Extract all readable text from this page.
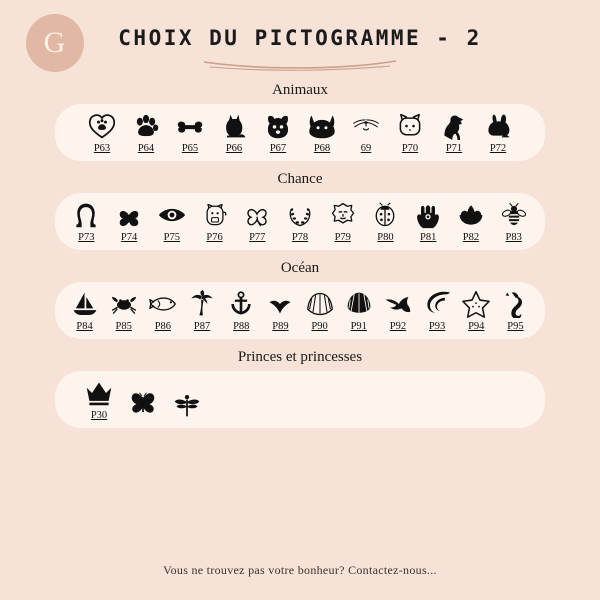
G	CHOIX DU PICTOGRAMME - 2
Animaux
P63	P64	P65	P66	P67	P68	69	P70	P71	P72
Chance
P73	P74	P75	P76	P77	P78	P79	P80	P81	P82	P83
Océan
P84 P85 P86 P87 P88 P89 P90 P91 P92 P93 P94 P95
Princes et princesses
P30
Vous ne trouvez pas votre bonheur? Contactez-nous...
